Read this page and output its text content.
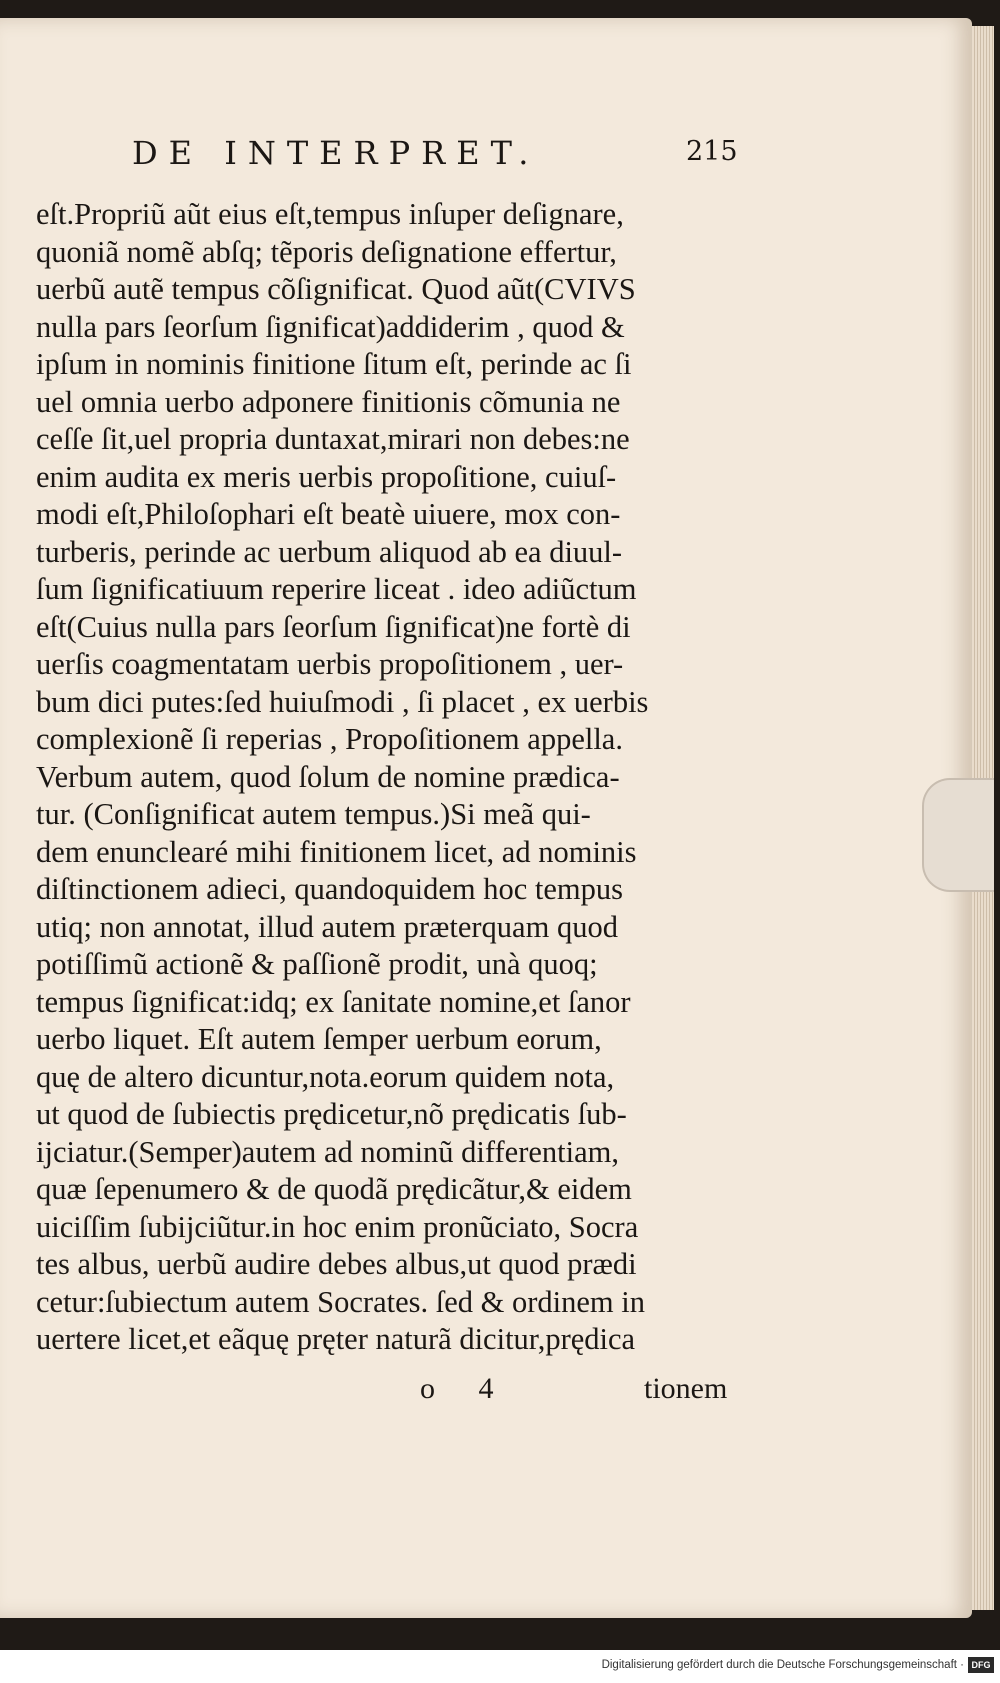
DE INTERPRET.	215
eſt.Propriũ aũt eius eſt,tempus inſuper deſignare,
quoniã nomẽ abſq; tẽporis deſignatione effertur,
uerbũ autẽ tempus cõſignificat. Quod aũt(CVIVS
nulla pars ſeorſum ſignificat)addiderim , quod &
ipſum in nominis finitione ſitum eſt, perinde ac ſi
uel omnia uerbo adponere finitionis cõmunia ne
ceſſe ſit,uel propria duntaxat,mirari non debes:ne
enim audita ex meris uerbis propoſitione, cuiuſ-
modi eſt,Philoſophari eſt beatè uiuere, mox con-
turberis, perinde ac uerbum aliquod ab ea diuul-
ſum ſignificatiuum reperire liceat . ideo adiũctum
eſt(Cuius nulla pars ſeorſum ſignificat)ne fortè di
uerſis coagmentatam uerbis propoſitionem , uer-
bum dici putes:ſed huiuſmodi , ſi placet , ex uerbis
complexionẽ ſi reperias , Propoſitionem appella.
Verbum autem, quod ſolum de nomine prædica-
tur. (Conſignificat autem tempus.)Si meã qui-
dem enunclearé mihi finitionem licet, ad nominis
diſtinctionem adieci, quandoquidem hoc tempus
utiq; non annotat, illud autem præterquam quod
potiſſimũ actionẽ & paſſionẽ prodit, unà quoq;
tempus ſignificat:idq; ex ſanitate nomine,et ſanor
uerbo liquet. Eſt autem ſemper uerbum eorum,
quę de altero dicuntur,nota.eorum quidem nota,
ut quod de ſubiectis prędicetur,nõ prędicatis ſub-
ijciatur.(Semper)autem ad nominũ differentiam,
quæ ſepenumero & de quodã prędicãtur,& eidem
uiciſſim ſubijciũtur.in hoc enim pronũciato, Socra
tes albus, uerbũ audire debes albus,ut quod prædi
cetur:ſubiectum autem Socrates. ſed & ordinem in
uertere licet,et eãquę pręter naturã dicitur,prędica
o 4	tionem
Digitalisierung gefördert durch die Deutsche Forschungsgemeinschaft · DFG
